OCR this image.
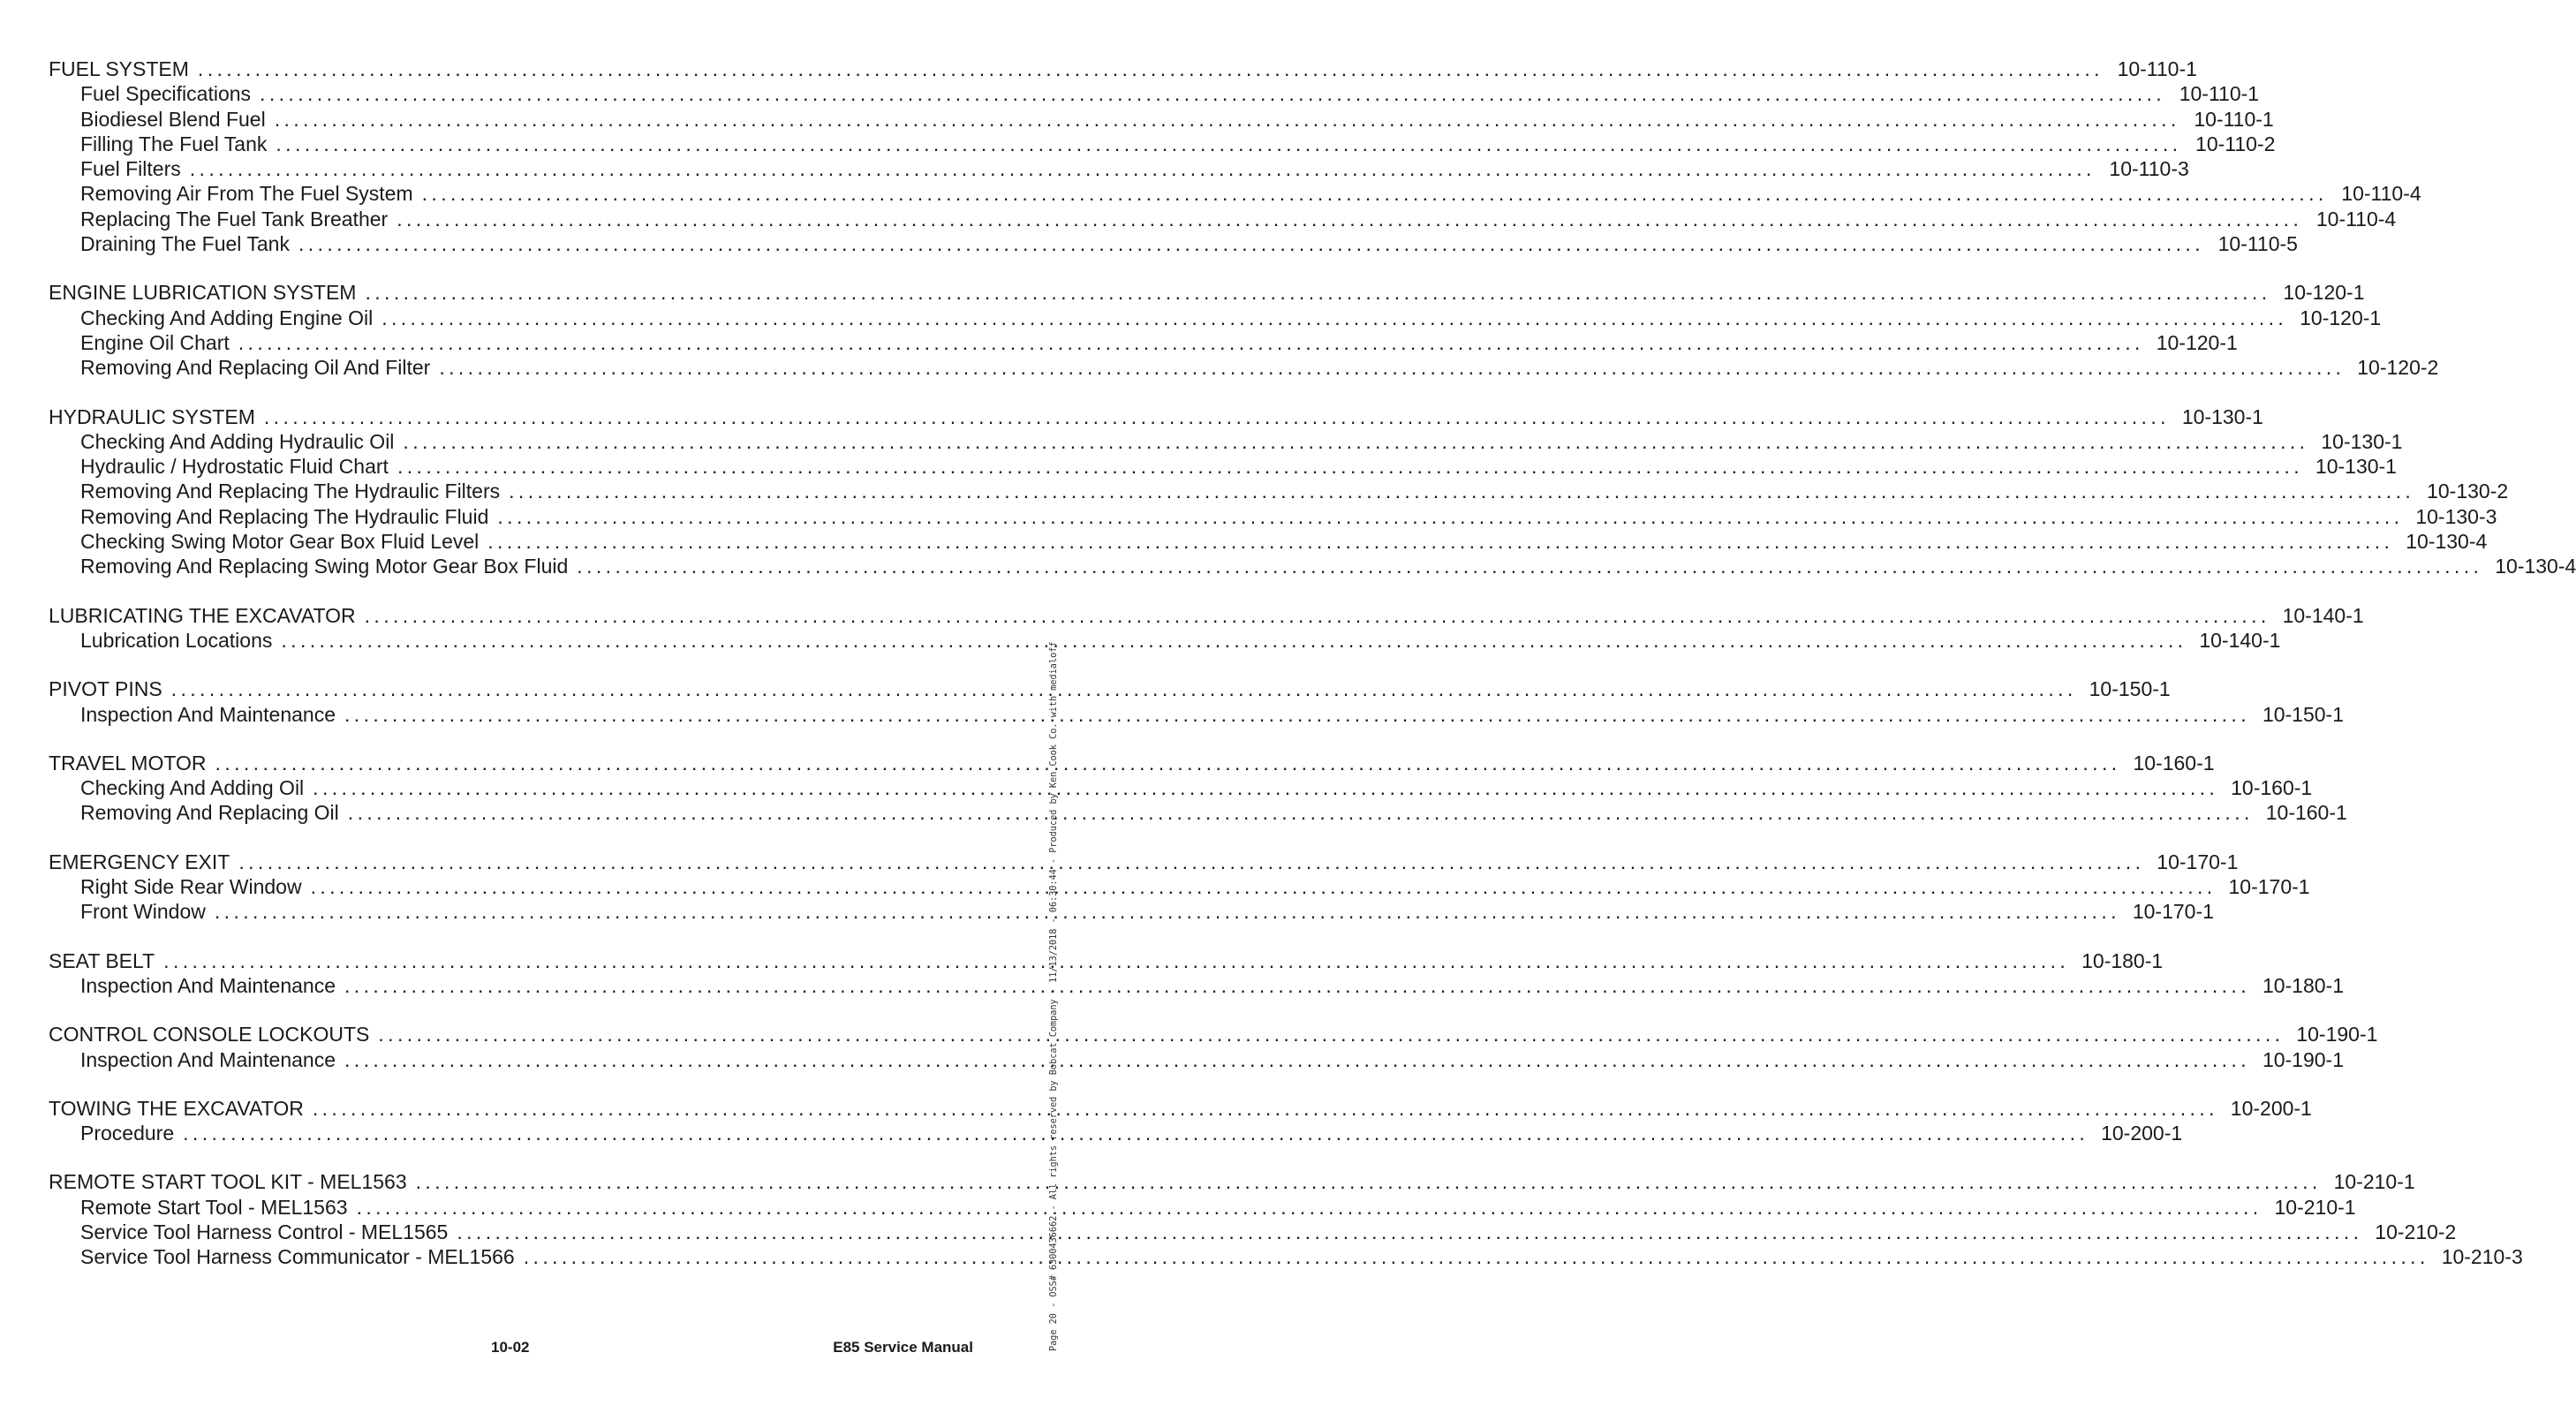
FUEL SYSTEM ........................................................................................................................................................................................................ 10-110-1
Fuel Specifications ........................................................................................................................................................................................................ 10-110-1
Biodiesel Blend Fuel ........................................................................................................................................................................................................ 10-110-1
Filling The Fuel Tank ........................................................................................................................................................................................................ 10-110-2
Fuel Filters ........................................................................................................................................................................................................ 10-110-3
Removing Air From The Fuel System ........................................................................................................................................................................................................ 10-110-4
Replacing The Fuel Tank Breather ........................................................................................................................................................................................................ 10-110-4
Draining The Fuel Tank ........................................................................................................................................................................................................ 10-110-5
ENGINE LUBRICATION SYSTEM ........................................................................................................................................................................................................ 10-120-1
Checking And Adding Engine Oil ........................................................................................................................................................................................................ 10-120-1
Engine Oil Chart ........................................................................................................................................................................................................ 10-120-1
Removing And Replacing Oil And Filter ........................................................................................................................................................................................................ 10-120-2
HYDRAULIC SYSTEM ........................................................................................................................................................................................................ 10-130-1
Checking And Adding Hydraulic Oil ........................................................................................................................................................................................................ 10-130-1
Hydraulic / Hydrostatic Fluid Chart ........................................................................................................................................................................................................ 10-130-1
Removing And Replacing The Hydraulic Filters ........................................................................................................................................................................................................ 10-130-2
Removing And Replacing The Hydraulic Fluid ........................................................................................................................................................................................................ 10-130-3
Checking Swing Motor Gear Box Fluid Level ........................................................................................................................................................................................................ 10-130-4
Removing And Replacing Swing Motor Gear Box Fluid ........................................................................................................................................................................................................ 10-130-4
LUBRICATING THE EXCAVATOR ........................................................................................................................................................................................................ 10-140-1
Lubrication Locations ........................................................................................................................................................................................................ 10-140-1
PIVOT PINS ........................................................................................................................................................................................................ 10-150-1
Inspection And Maintenance ........................................................................................................................................................................................................ 10-150-1
TRAVEL MOTOR ........................................................................................................................................................................................................ 10-160-1
Checking And Adding Oil ........................................................................................................................................................................................................ 10-160-1
Removing And Replacing Oil ........................................................................................................................................................................................................ 10-160-1
EMERGENCY EXIT ........................................................................................................................................................................................................ 10-170-1
Right Side Rear Window ........................................................................................................................................................................................................ 10-170-1
Front Window ........................................................................................................................................................................................................ 10-170-1
SEAT BELT ........................................................................................................................................................................................................ 10-180-1
Inspection And Maintenance ........................................................................................................................................................................................................ 10-180-1
CONTROL CONSOLE LOCKOUTS ........................................................................................................................................................................................................ 10-190-1
Inspection And Maintenance ........................................................................................................................................................................................................ 10-190-1
TOWING THE EXCAVATOR ........................................................................................................................................................................................................ 10-200-1
Procedure ........................................................................................................................................................................................................ 10-200-1
REMOTE START TOOL KIT - MEL1563 ........................................................................................................................................................................................................ 10-210-1
Remote Start Tool - MEL1563 ........................................................................................................................................................................................................ 10-210-1
Service Tool Harness Control - MEL1565 ........................................................................................................................................................................................................ 10-210-2
Service Tool Harness Communicator - MEL1566 ........................................................................................................................................................................................................ 10-210-3
10-02	E85 Service Manual	Page 20 - OSS# 6300436662 - All rights reserved by Bobcat Company - 11/13/2018 - 06:30:44 - Produced by Ken Cook Co. with medialoff
